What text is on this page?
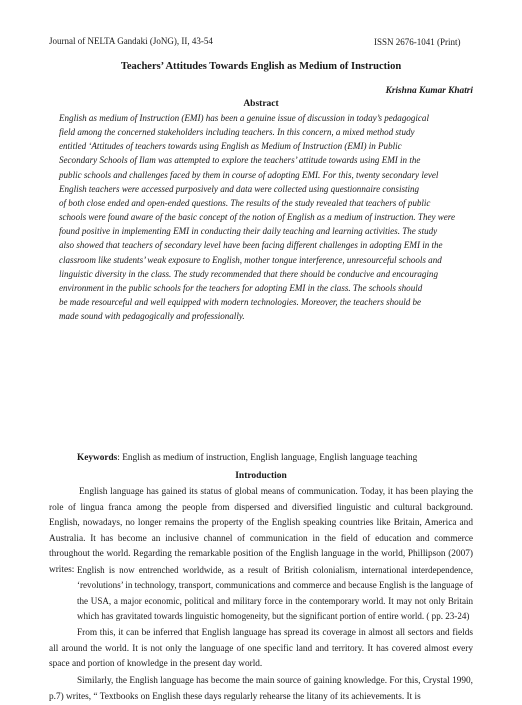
Journal of NELTA Gandaki (JoNG), II, 43-54	ISSN 2676-1041 (Print)
Teachers’ Attitudes Towards English as Medium of Instruction
Krishna Kumar Khatri
Abstract
English as medium of Instruction (EMI) has been a genuine issue of discussion in today’s pedagogical
field among the concerned stakeholders including teachers. In this concern, a mixed method study
entitled ‘Attitudes of teachers towards using English as Medium of Instruction (EMI) in Public
Secondary Schools of Ilam was attempted to explore the teachers’ attitude towards using EMI in the
public schools and challenges faced by them in course of adopting EMI. For this, twenty secondary level
English teachers were accessed purposively and data were collected using questionnaire consisting
of both close ended and open-ended questions. The results of the study revealed that teachers of public
schools were found aware of the basic concept of the notion of English as a medium of instruction. They were
found positive in implementing EMI in conducting their daily teaching and learning activities. The study
also showed that teachers of secondary level have been facing different challenges in adopting EMI in the
classroom like students’ weak exposure to English, mother tongue interference, unresourceful schools and
linguistic diversity in the class. The study recommended that there should be conducive and encouraging
environment in the public schools for the teachers for adopting EMI in the class. The schools should
be made resourceful and well equipped with modern technologies. Moreover, the teachers should be
made sound with pedagogically and professionally.
Keywords: English as medium of instruction, English language, English language teaching
Introduction
English language has gained its status of global means of communication. Today, it has been playing the role of lingua franca among the people from dispersed and diversified linguistic and cultural background. English, nowadays, no longer remains the property of the English speaking countries like Britain, America and Australia. It has become an inclusive channel of communication in the field of education and commerce throughout the world. Regarding the remarkable position of the English language in the world, Phillipson (2007) writes: English is now entrenched worldwide, as a result of British colonialism, international interdependence, ‘revolutions’ in technology, transport, communications and commerce and because English is the language of the USA, a major economic, political and military force in the contemporary world. It may not only Britain which has gravitated towards linguistic homogeneity, but the significant portion of entire world. ( pp. 23-24)
From this, it can be inferred that English language has spread its coverage in almost all sectors and fields all around the world. It is not only the language of one specific land and territory. It has covered almost every space and portion of knowledge in the present day world.
Similarly, the English language has become the main source of gaining knowledge. For this, Crystal 1990, p.7) writes, “ Textbooks on English these days regularly rehearse the litany of its achievements. It is
